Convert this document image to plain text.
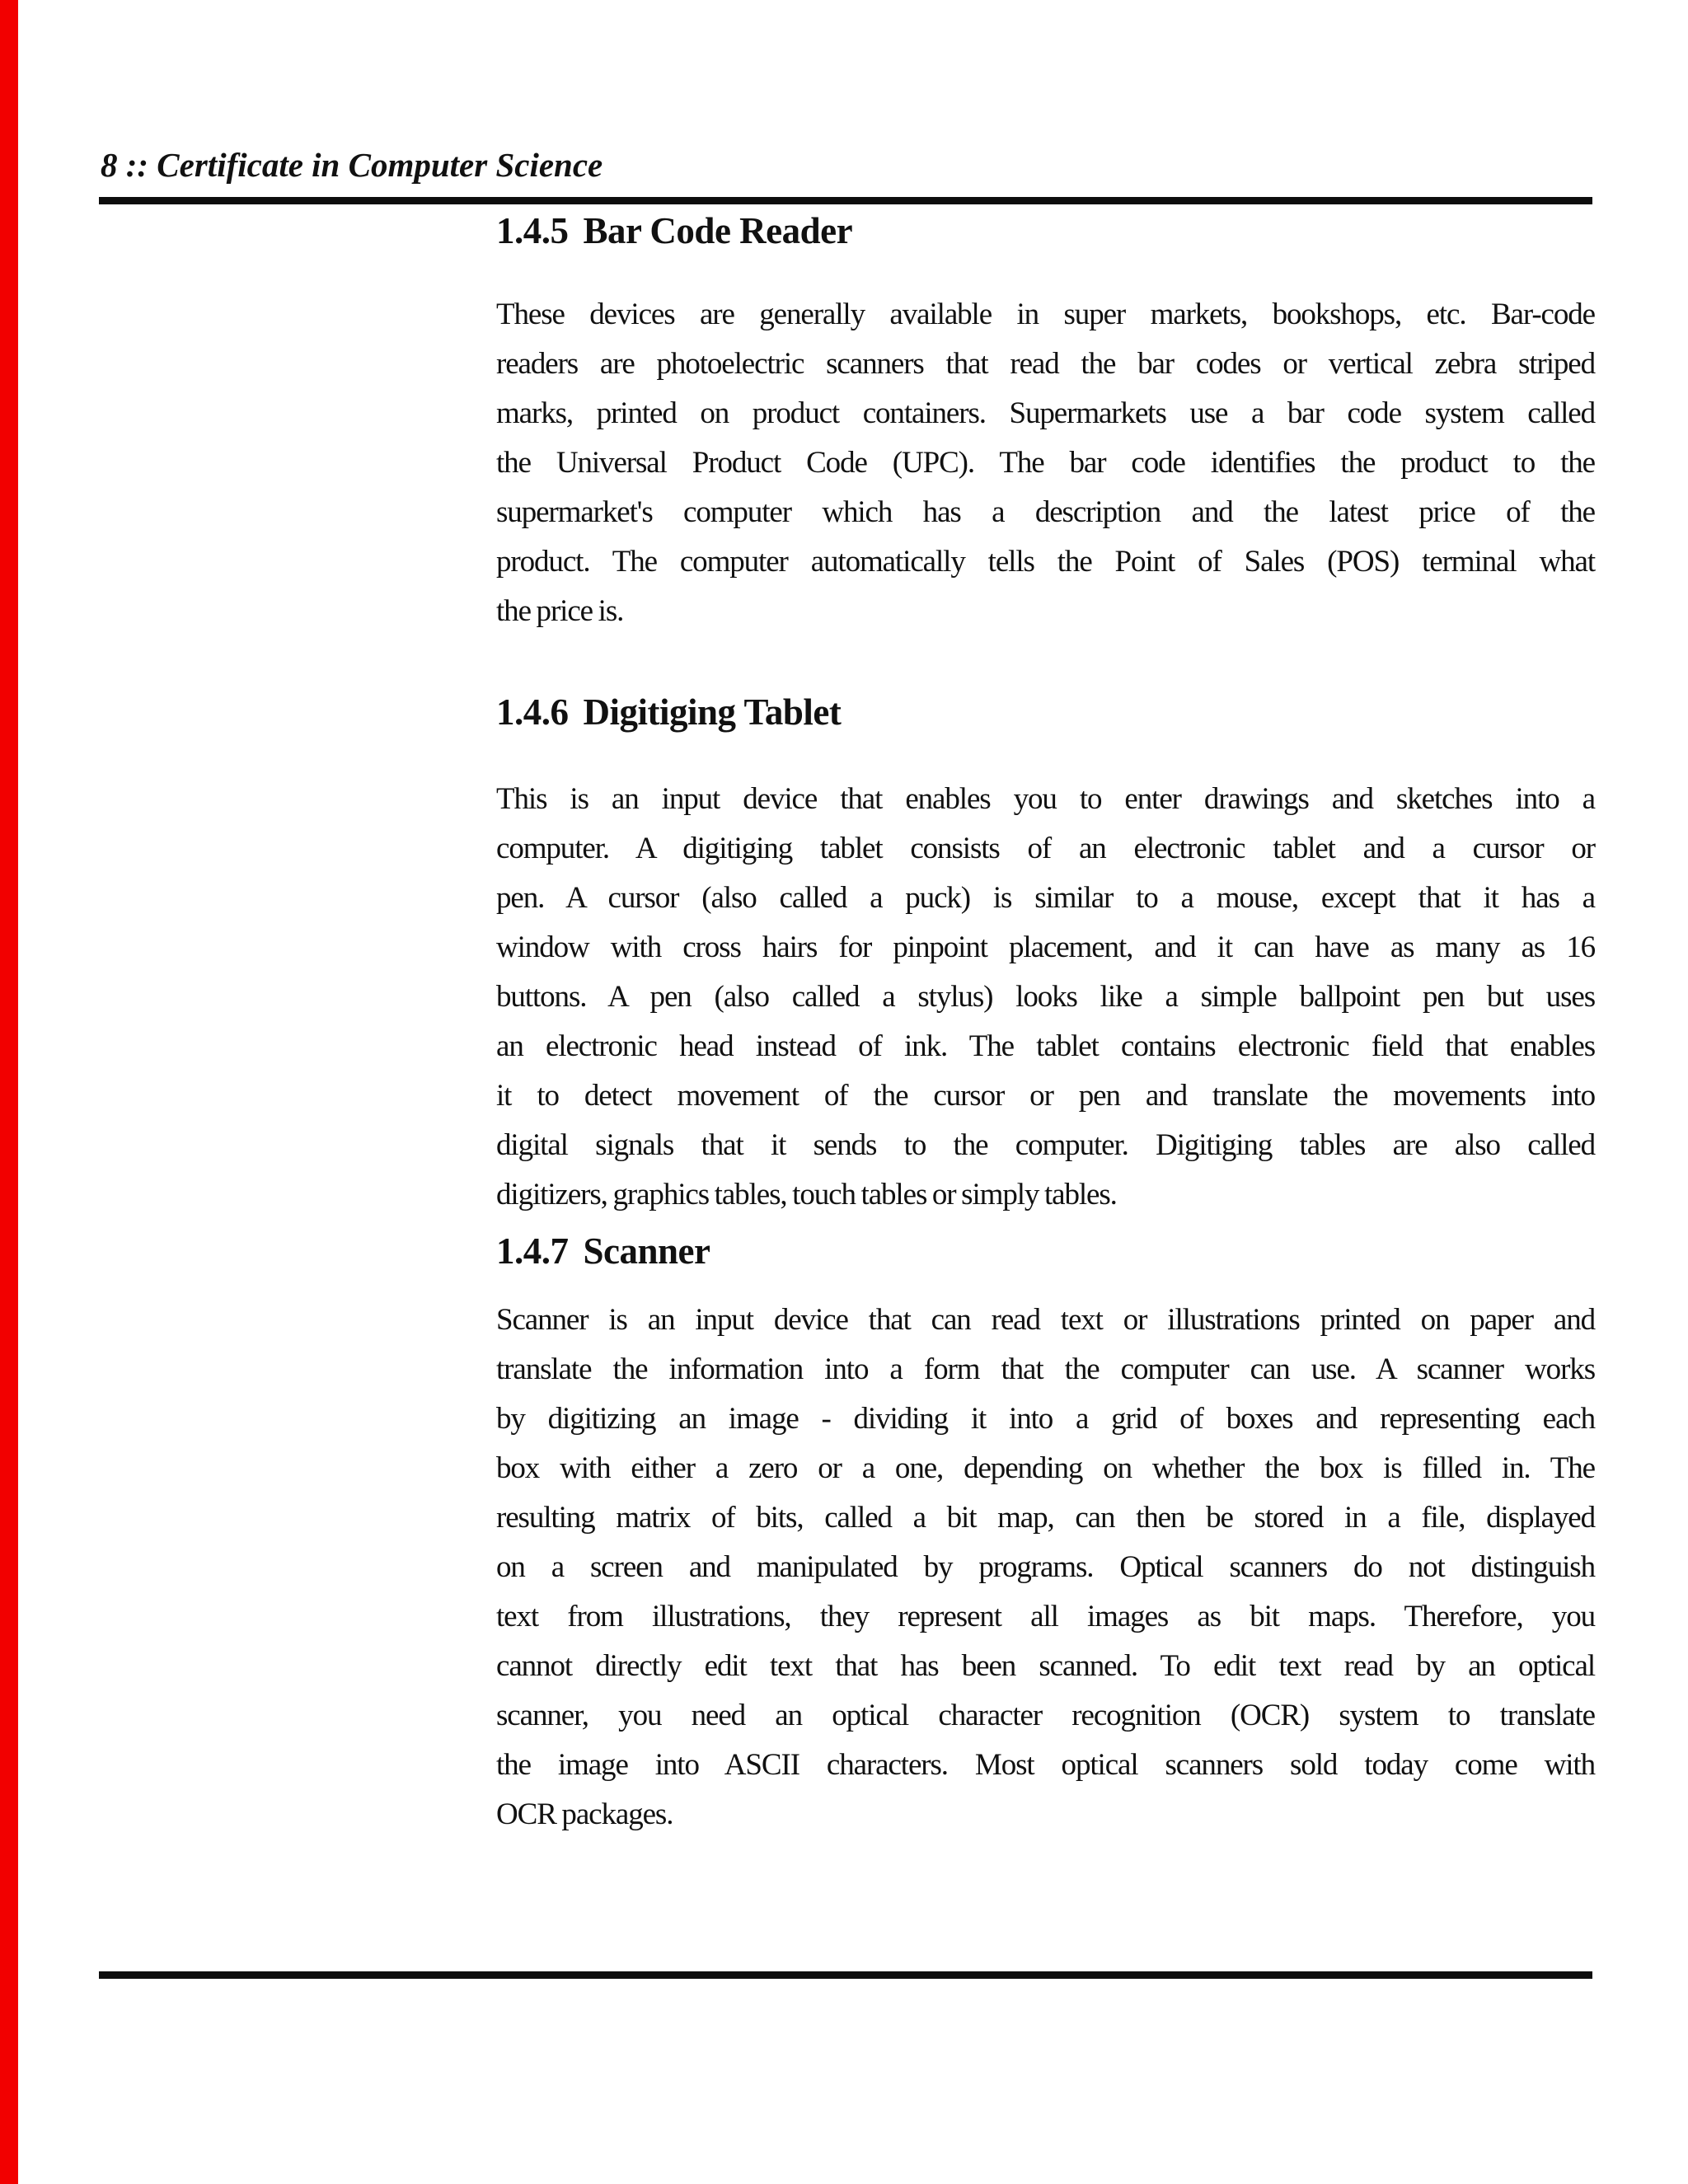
8 :: Certificate in Computer Science
1.4.5 Bar Code Reader
These devices are generally available in super markets, bookshops, etc. Bar-code
readers are photoelectric scanners that read the bar codes or vertical zebra striped
marks, printed on product containers. Supermarkets use a bar code system called
the Universal Product Code (UPC). The bar code identifies the product to the
supermarket's computer which has a description and the latest price of the
product. The computer automatically tells the Point of Sales (POS) terminal what
the price is.
1.4.6 Digitiging Tablet
This is an input device that enables you to enter drawings and sketches into a
computer. A digitiging tablet consists of an electronic tablet and a cursor or
pen. A cursor (also called a puck) is similar to a mouse, except that it has a
window with cross hairs for pinpoint placement, and it can have as many as 16
buttons. A pen (also called a stylus) looks like a simple ballpoint pen but uses
an electronic head instead of ink. The tablet contains electronic field that enables
it to detect movement of the cursor or pen and translate the movements into
digital signals that it sends to the computer. Digitiging tables are also called
digitizers, graphics tables, touch tables or simply tables.
1.4.7 Scanner
Scanner is an input device that can read text or illustrations printed on paper and
translate the information into a form that the computer can use. A scanner works
by digitizing an image - dividing it into a grid of boxes and representing each
box with either a zero or a one, depending on whether the box is filled in. The
resulting matrix of bits, called a bit map, can then be stored in a file, displayed
on a screen and manipulated by programs. Optical scanners do not distinguish
text from illustrations, they represent all images as bit maps. Therefore, you
cannot directly edit text that has been scanned. To edit text read by an optical
scanner, you need an optical character recognition (OCR) system to translate
the image into ASCII characters. Most optical scanners sold today come with
OCR packages.
